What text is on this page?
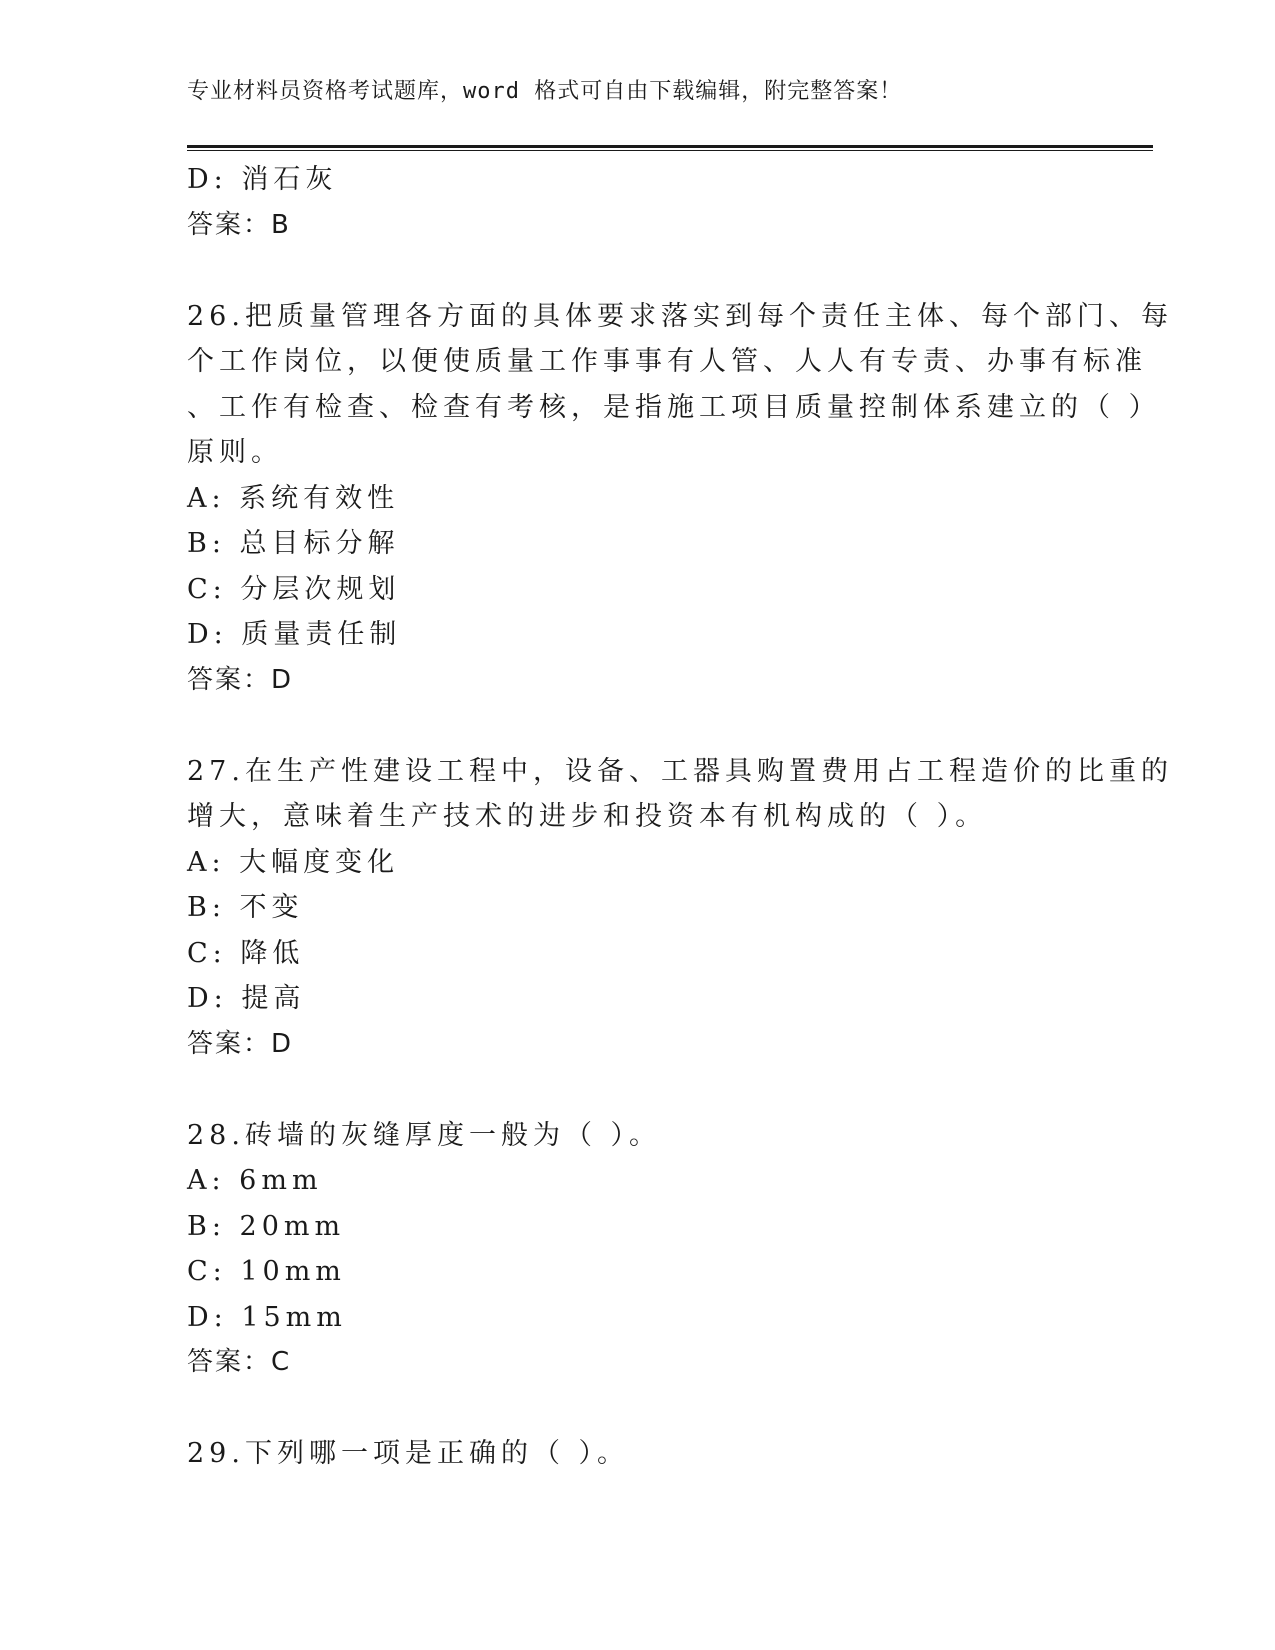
专业材料员资格考试题库，word 格式可自由下载编辑，附完整答案！
D: 消石灰
答案：B
26.把质量管理各方面的具体要求落实到每个责任主体、每个部门、每
个工作岗位，以便使质量工作事事有人管、人人有专责、办事有标准
、工作有检查、检查有考核，是指施工项目质量控制体系建立的（ ）
原则。
A: 系统有效性
B: 总目标分解
C: 分层次规划
D: 质量责任制
答案：D
27.在生产性建设工程中，设备、工器具购置费用占工程造价的比重的
增大，意味着生产技术的进步和投资本有机构成的（ ）。
A: 大幅度变化
B: 不变
C: 降低
D: 提高
答案：D
28.砖墙的灰缝厚度一般为（ ）。
A: 6mm
B: 20mm
C: 10mm
D: 15mm
答案：C
29.下列哪一项是正确的（ ）。
